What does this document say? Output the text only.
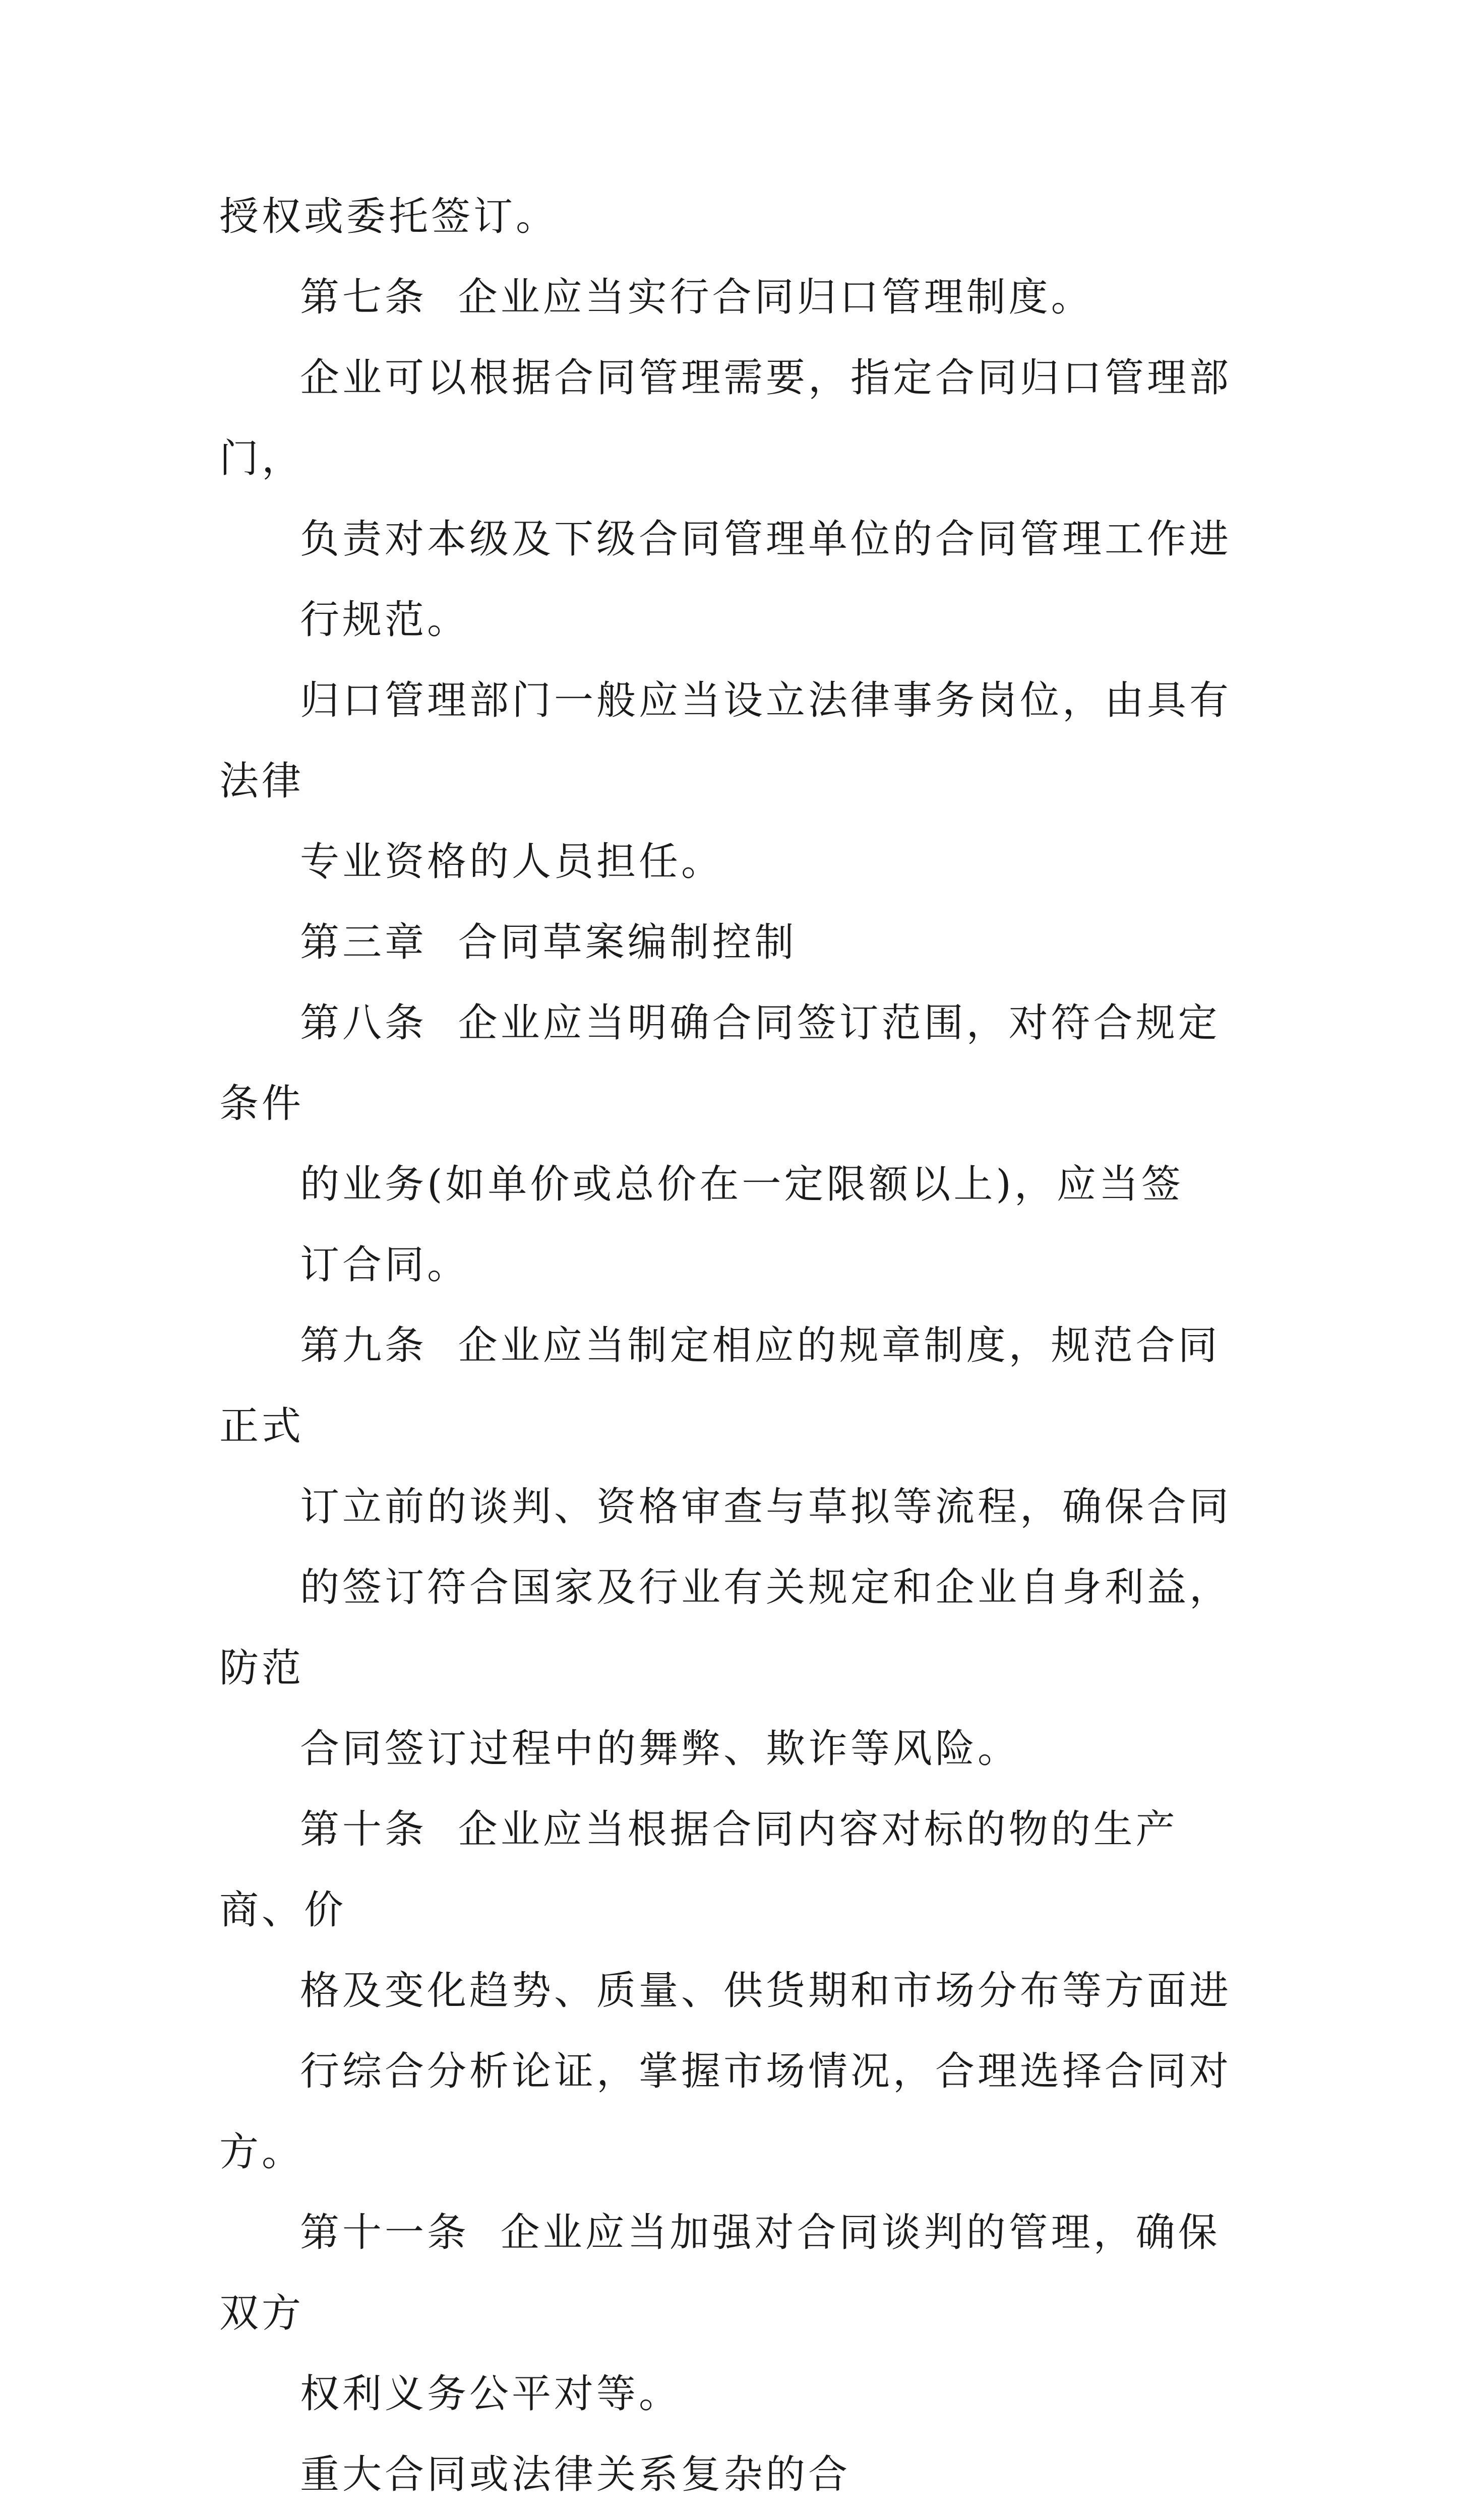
授权或委托签订。
第七条  企业应当实行合同归口管理制度。
企业可以根据合同管理需要，指定合同归口管理部门，
负责对本级及下级合同管理单位的合同管理工作进
行规范。
归口管理部门一般应当设立法律事务岗位，由具有法律
专业资格的人员担任。
第三章  合同草案编制控制
第八条  企业应当明确合同签订范围，对符合规定条件
的业务(如单价或总价在一定限额以上)，应当签
订合同。
第九条  企业应当制定相应的规章制度，规范合同正式
订立前的谈判、资格审查与草拟等流程，确保合同
的签订符合国家及行业有关规定和企业自身利益，防范
合同签订过程中的舞弊、欺诈等风险。
第十条  企业应当根据合同内容对标的物的生产商、价
格及变化趋势、质量、供货期和市场分布等方面进
行综合分析论证，掌握市场情况，合理选择合同对方。
第十一条  企业应当加强对合同谈判的管理，确保双方
权利义务公平对等。
重大合同或法律关系复杂的合
